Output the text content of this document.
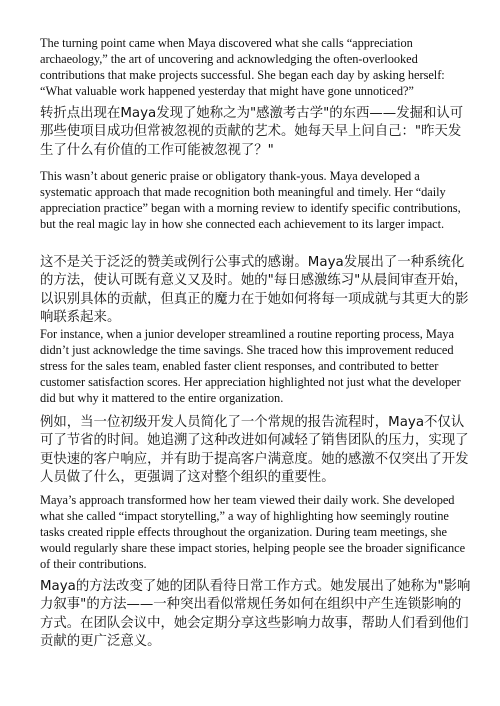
The turning point came when Maya discovered what she calls “appreciation archaeology,” the art of uncovering and acknowledging the often-overlooked contributions that make projects successful. She began each day by asking herself: “What valuable work happened yesterday that might have gone unnoticed?”

转折点出现在Maya发现了她称之为"感激考古学"的东西——发掘和认可那些使项目成功但常被忽视的贡献的艺术。她每天早上问自己："昨天发生了什么有价值的工作可能被忽视了？"

This wasn’t about generic praise or obligatory thank-yous. Maya developed a systematic approach that made recognition both meaningful and timely. Her “daily appreciation practice” began with a morning review to identify specific contributions, but the real magic lay in how she connected each achievement to its larger impact.

这不是关于泛泛的赞美或例行公事式的感谢。Maya发展出了一种系统化的方法，使认可既有意义又及时。她的"每日感激练习"从晨间审查开始，以识别具体的贡献，但真正的魔力在于她如何将每一项成就与其更大的影响联系起来。

For instance, when a junior developer streamlined a routine reporting process, Maya didn’t just acknowledge the time savings. She traced how this improvement reduced stress for the sales team, enabled faster client responses, and contributed to better customer satisfaction scores. Her appreciation highlighted not just what the developer did but why it mattered to the entire organization.

例如，当一位初级开发人员简化了一个常规的报告流程时，Maya不仅认可了节省的时间。她追溯了这种改进如何减轻了销售团队的压力，实现了更快速的客户响应，并有助于提高客户满意度。她的感激不仅突出了开发人员做了什么，更强调了这对整个组织的重要性。

Maya’s approach transformed how her team viewed their daily work. She developed what she called “impact storytelling,” a way of highlighting how seemingly routine tasks created ripple effects throughout the organization. During team meetings, she would regularly share these impact stories, helping people see the broader significance of their contributions.

Maya的方法改变了她的团队看待日常工作方式。她发展出了她称为"影响力叙事"的方法——一种突出看似常规任务如何在组织中产生连锁影响的方式。在团队会议中，她会定期分享这些影响力故事，帮助人们看到他们贡献的更广泛意义。
